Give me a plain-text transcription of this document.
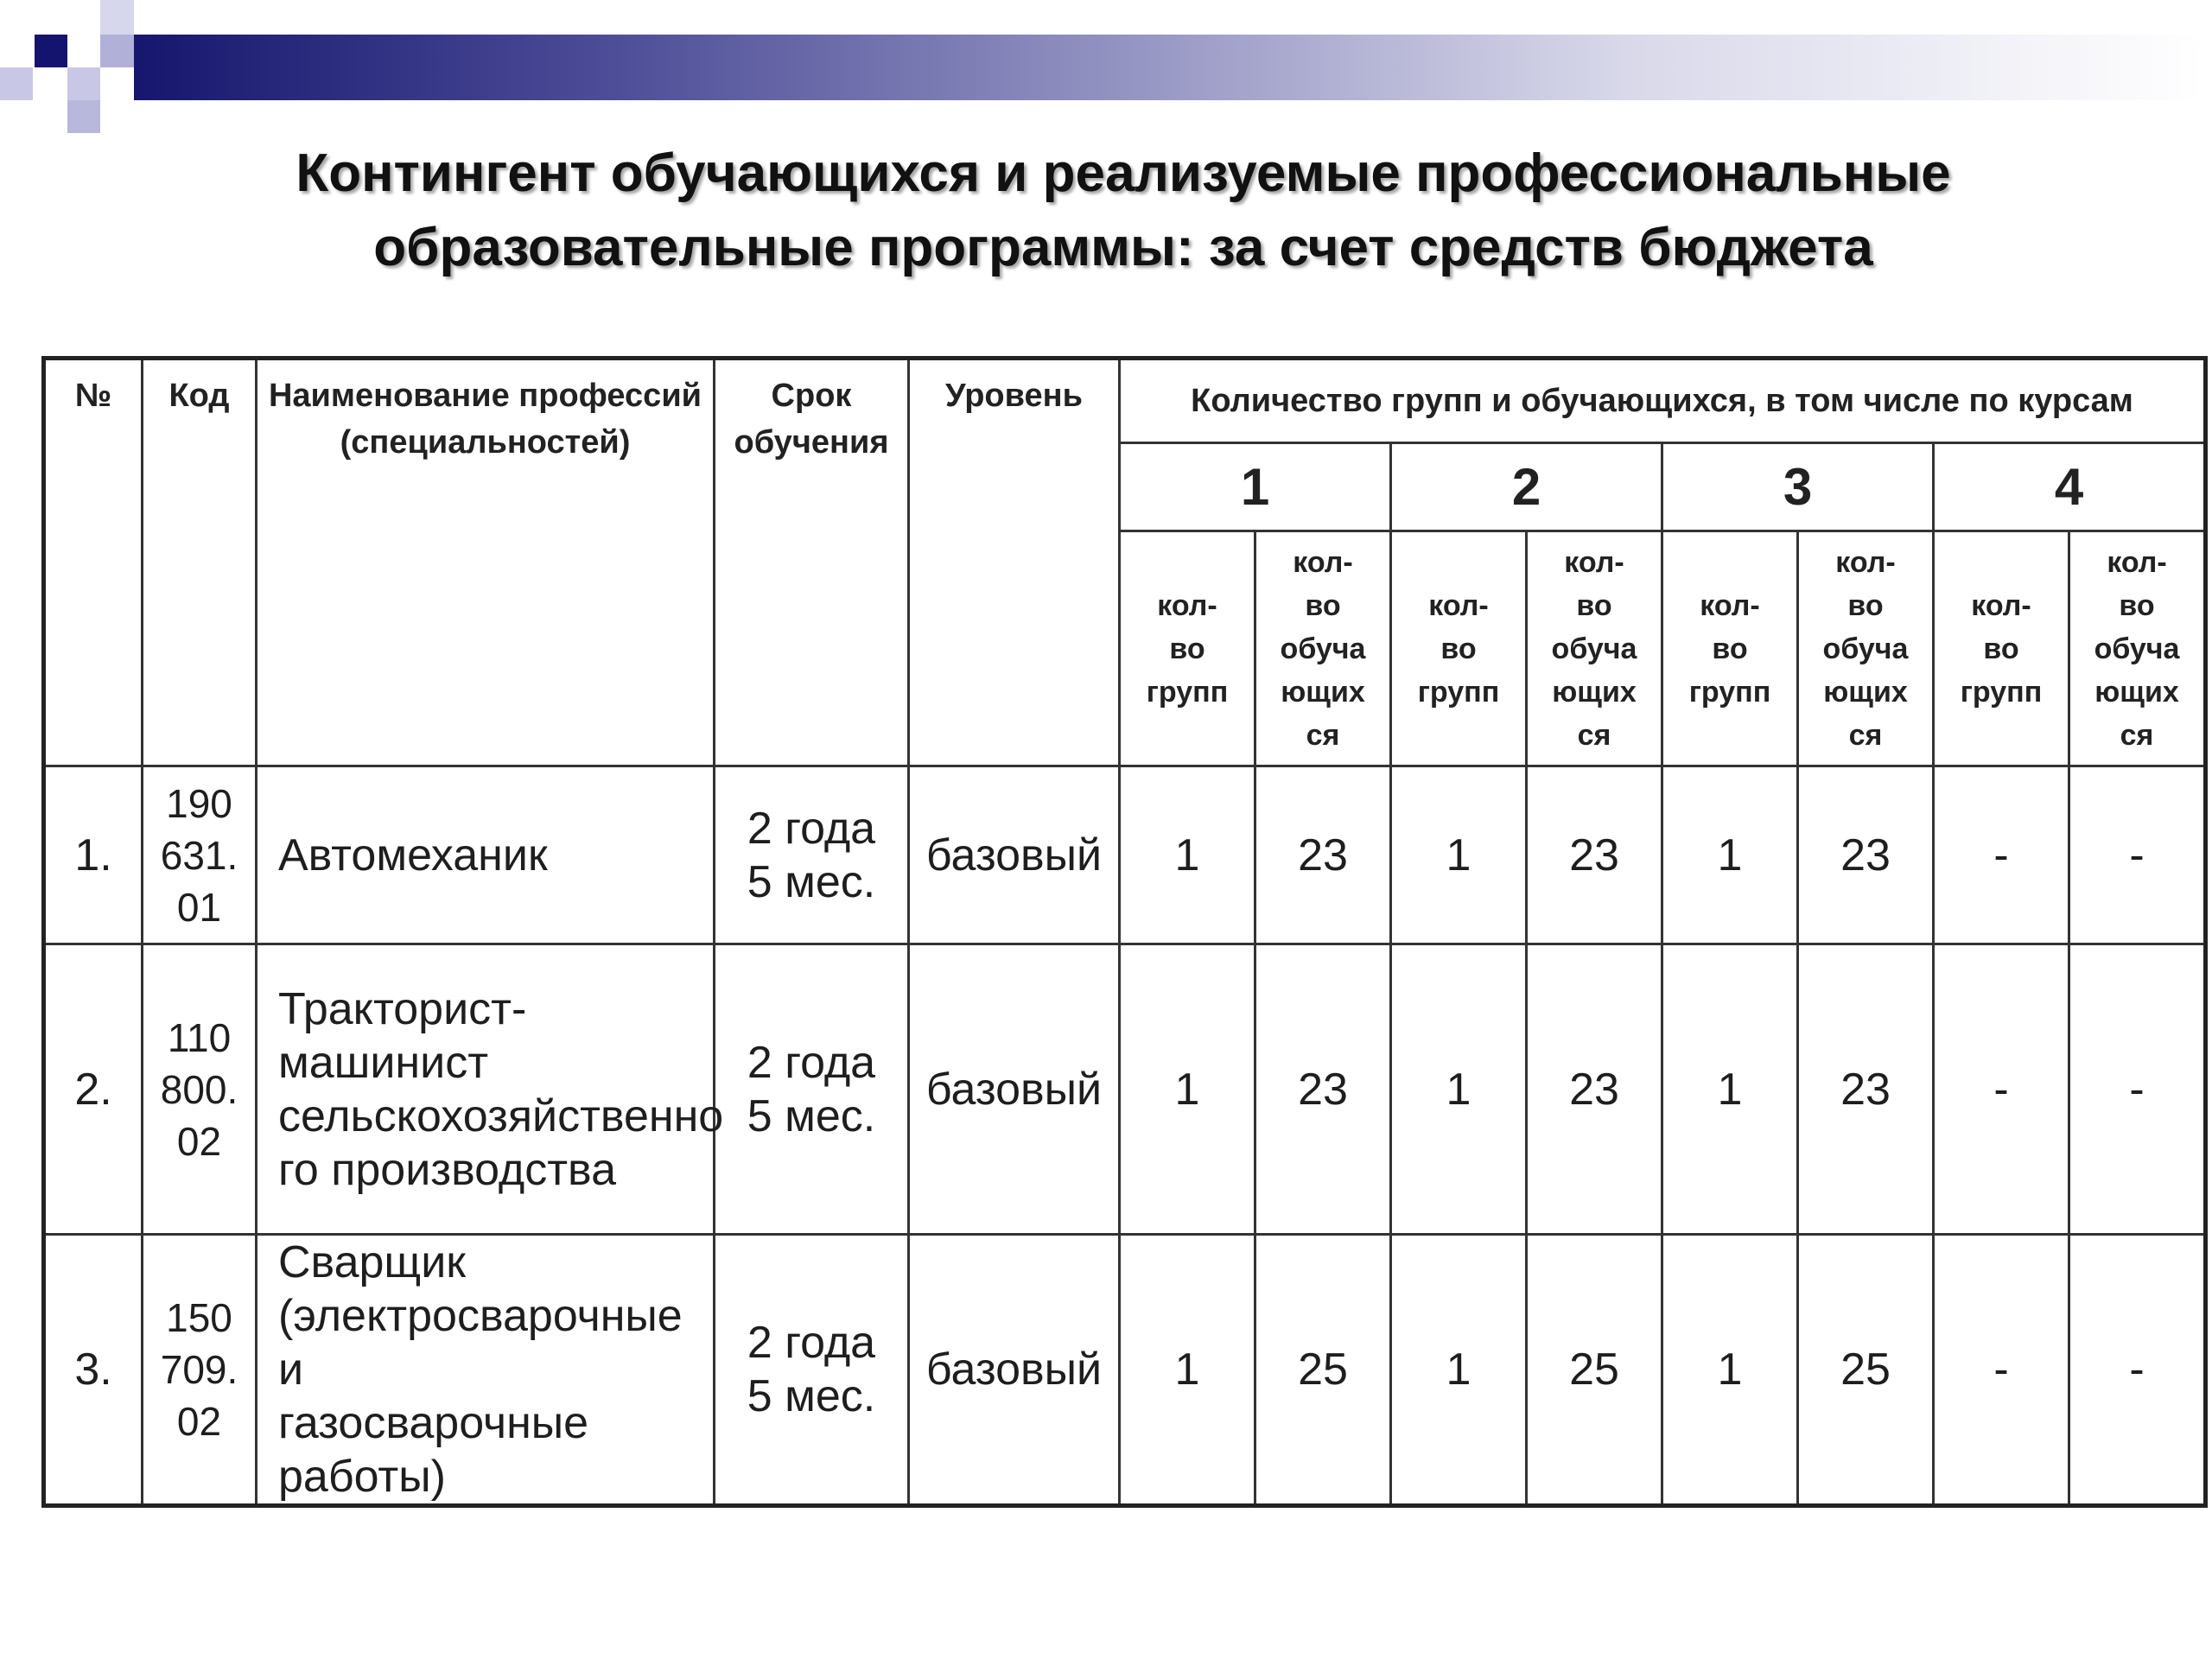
Контингент обучающихся и реализуемые профессиональные
образовательные программы: за счет средств бюджета
№	Код	Наименование профессий (специальностей)	Срок обучения	Уровень	Количество групп и обучающихся, в том числе по курсам							
					1		2		3		4	
					кол-
во
групп	кол-
во
обуча
ющих
ся	кол-
во
групп	кол-
во
обуча
ющих
ся	кол-
во
групп	кол-
во
обуча
ющих
ся	кол-
во
групп	кол-
во
обуча
ющих
ся
1.	190
631.
01	Автомеханик	2 года
5 мес.	базовый	1	23	1	23	1	23	-	-
2.	110
800.
02	Тракторист-
машинист
сельскохозяйственно
го производства	2 года
5 мес.	базовый	1	23	1	23	1	23	-	-
3.	150
709.
02	Сварщик
(электросварочные и
газосварочные
работы)	2 года
5 мес.	базовый	1	25	1	25	1	25	-	-
